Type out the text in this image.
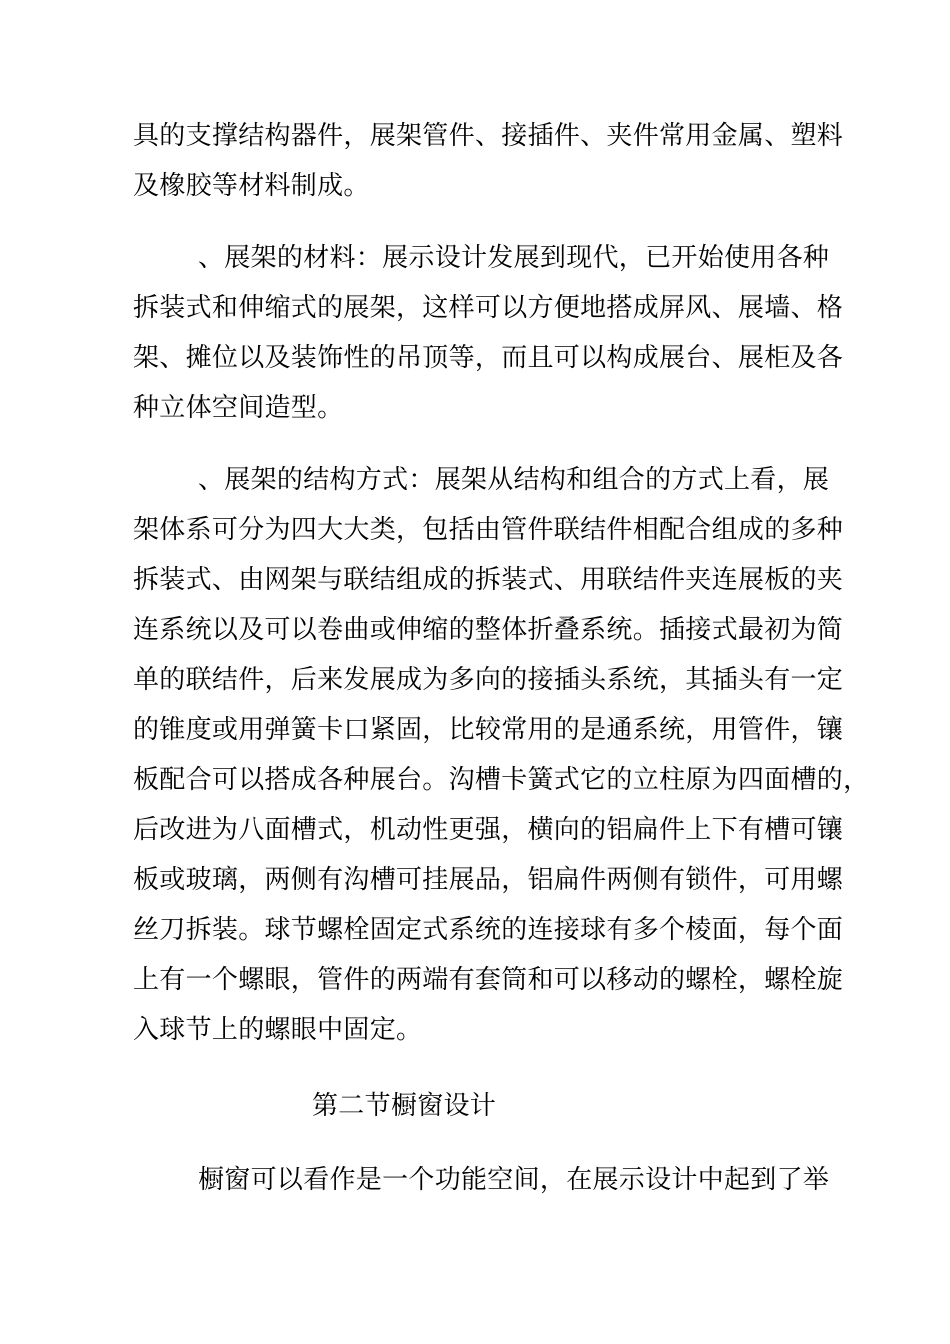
具的支撑结构器件，展架管件、接插件、夹件常用金属、塑料
及橡胶等材料制成。
、展架的材料：展示设计发展到现代，已开始使用各种
拆装式和伸缩式的展架，这样可以方便地搭成屏风、展墙、格
架、摊位以及装饰性的吊顶等，而且可以构成展台、展柜及各
种立体空间造型。
、展架的结构方式：展架从结构和组合的方式上看，展
架体系可分为四大大类，包括由管件联结件相配合组成的多种
拆装式、由网架与联结组成的拆装式、用联结件夹连展板的夹
连系统以及可以卷曲或伸缩的整体折叠系统。插接式最初为简
单的联结件，后来发展成为多向的接插头系统，其插头有一定
的锥度或用弹簧卡口紧固，比较常用的是通系统，用管件，镶
板配合可以搭成各种展台。沟槽卡簧式它的立柱原为四面槽的，
后改进为八面槽式，机动性更强，横向的铝扁件上下有槽可镶
板或玻璃，两侧有沟槽可挂展品，铝扁件两侧有锁件，可用螺
丝刀拆装。球节螺栓固定式系统的连接球有多个棱面，每个面
上有一个螺眼，管件的两端有套筒和可以移动的螺栓，螺栓旋
入球节上的螺眼中固定。
第二节橱窗设计
橱窗可以看作是一个功能空间，在展示设计中起到了举
